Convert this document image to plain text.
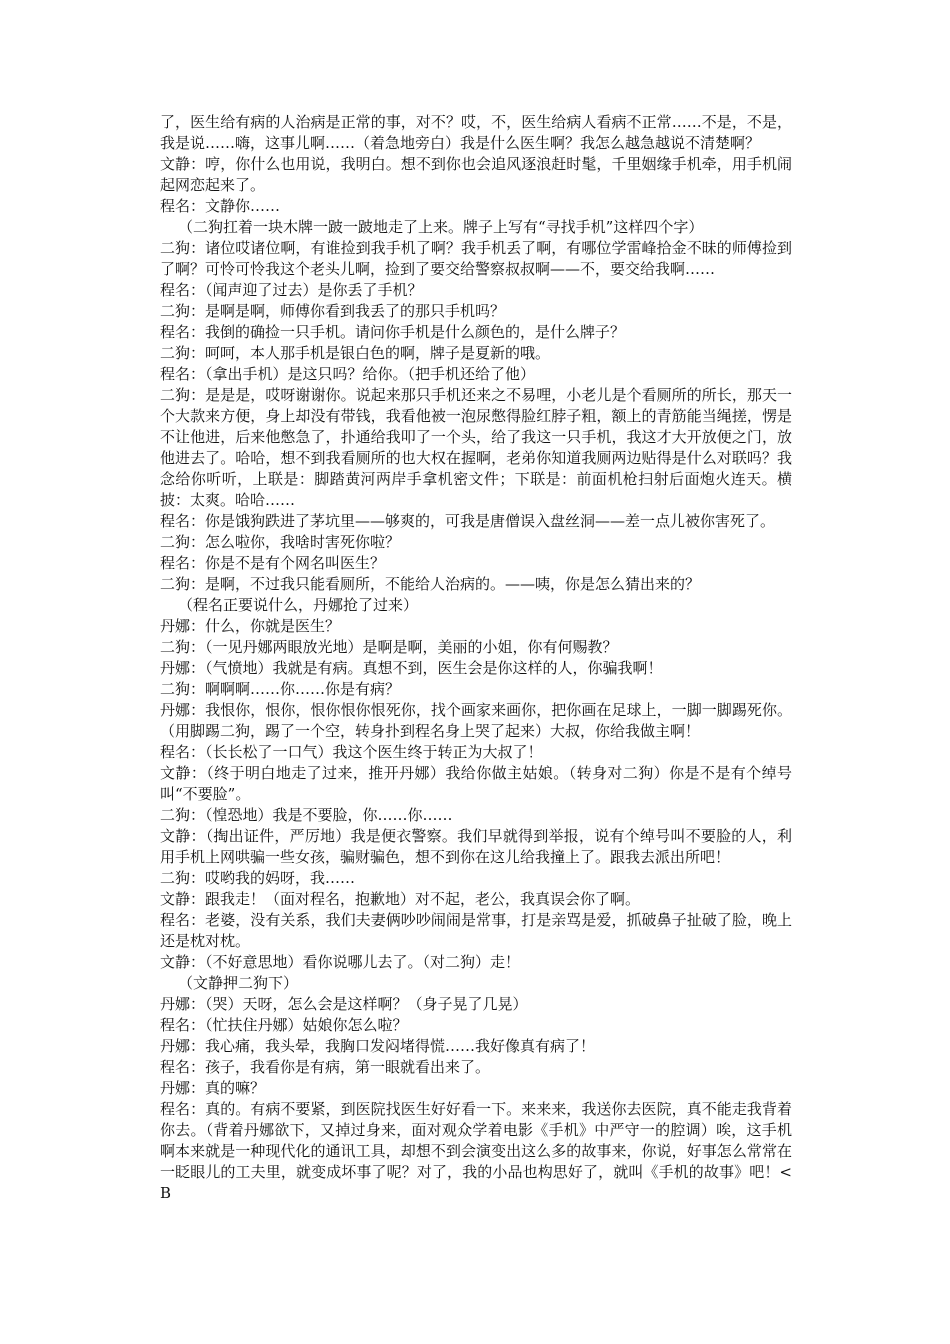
了，医生给有病的人治病是正常的事，对不？哎，不，医生给病人看病不正常……不是，不是，我是说……嗨，这事儿啊……（着急地旁白）我是什么医生啊？我怎么越急越说不清楚啊？

文静：哼，你什么也用说，我明白。想不到你也会追风逐浪赶时髦，千里姻缘手机牵，用手机闹起网恋起来了。

程名：文静你……

（二狗扛着一块木牌一跛一跛地走了上来。牌子上写有“寻找手机”这样四个字）

二狗：诸位哎诸位啊，有谁捡到我手机了啊？我手机丢了啊，有哪位学雷峰拾金不昧的师傅捡到了啊？可怜可怜我这个老头儿啊，捡到了要交给警察叔叔啊——不，要交给我啊……

程名：（闻声迎了过去）是你丢了手机？

二狗：是啊是啊，师傅你看到我丢了的那只手机吗？

程名：我倒的确捡一只手机。请问你手机是什么颜色的，是什么牌子？

二狗：呵呵，本人那手机是银白色的啊，牌子是夏新的哦。

程名：（拿出手机）是这只吗？给你。（把手机还给了他）

二狗：是是是，哎呀谢谢你。说起来那只手机还来之不易哩，小老儿是个看厕所的所长，那天一个大款来方便，身上却没有带钱，我看他被一泡尿憋得脸红脖子粗，额上的青筋能当绳搓，愣是不让他进，后来他憋急了，扑通给我叩了一个头，给了我这一只手机，我这才大开放便之门，放他进去了。哈哈，想不到我看厕所的也大权在握啊，老弟你知道我厕两边贴得是什么对联吗？我念给你听听，上联是：脚踏黄河两岸手拿机密文件；下联是：前面机枪扫射后面炮火连天。横披：太爽。哈哈……

程名：你是饿狗跌进了茅坑里——够爽的，可我是唐僧误入盘丝洞——差一点儿被你害死了。

二狗：怎么啦你，我啥时害死你啦？

程名：你是不是有个网名叫医生？

二狗：是啊，不过我只能看厕所，不能给人治病的。——咦，你是怎么猜出来的？

（程名正要说什么，丹娜抢了过来）

丹娜：什么，你就是医生？

二狗：（一见丹娜两眼放光地）是啊是啊，美丽的小姐，你有何赐教？

丹娜：（气愤地）我就是有病。真想不到，医生会是你这样的人，你骗我啊！

二狗：啊啊啊……你……你是有病？

丹娜：我恨你，恨你，恨你恨你恨死你，找个画家来画你，把你画在足球上，一脚一脚踢死你。（用脚踢二狗，踢了一个空，转身扑到程名身上哭了起来）大叔，你给我做主啊！

程名：（长长松了一口气）我这个医生终于转正为大叔了！

文静：（终于明白地走了过来，推开丹娜）我给你做主姑娘。（转身对二狗）你是不是有个绰号叫“不要脸”。

二狗：（惶恐地）我是不要脸，你……你……

文静：（掏出证件，严厉地）我是便衣警察。我们早就得到举报，说有个绰号叫不要脸的人，利用手机上网哄骗一些女孩，骗财骗色，想不到你在这儿给我撞上了。跟我去派出所吧！

二狗：哎哟我的妈呀，我……

文静：跟我走！（面对程名，抱歉地）对不起，老公，我真误会你了啊。

程名：老婆，没有关系，我们夫妻俩吵吵闹闹是常事，打是亲骂是爱，抓破鼻子扯破了脸，晚上还是枕对枕。

文静：（不好意思地）看你说哪儿去了。（对二狗）走！

（文静押二狗下）

丹娜：（哭）天呀，怎么会是这样啊？（身子晃了几晃）

程名：（忙扶住丹娜）姑娘你怎么啦？

丹娜：我心痛，我头晕，我胸口发闷堵得慌……我好像真有病了！

程名：孩子，我看你是有病，第一眼就看出来了。

丹娜：真的嘛？

程名：真的。有病不要紧，到医院找医生好好看一下。来来来，我送你去医院，真不能走我背着你去。（背着丹娜欲下，又掉过身来，面对观众学着电影《手机》中严守一的腔调）唉，这手机啊本来就是一种现代化的通讯工具，却想不到会演变出这么多的故事来，你说，好事怎么常常在一眨眼儿的工夫里，就变成坏事了呢？对了，我的小品也构思好了，就叫《手机的故事》吧！<B
